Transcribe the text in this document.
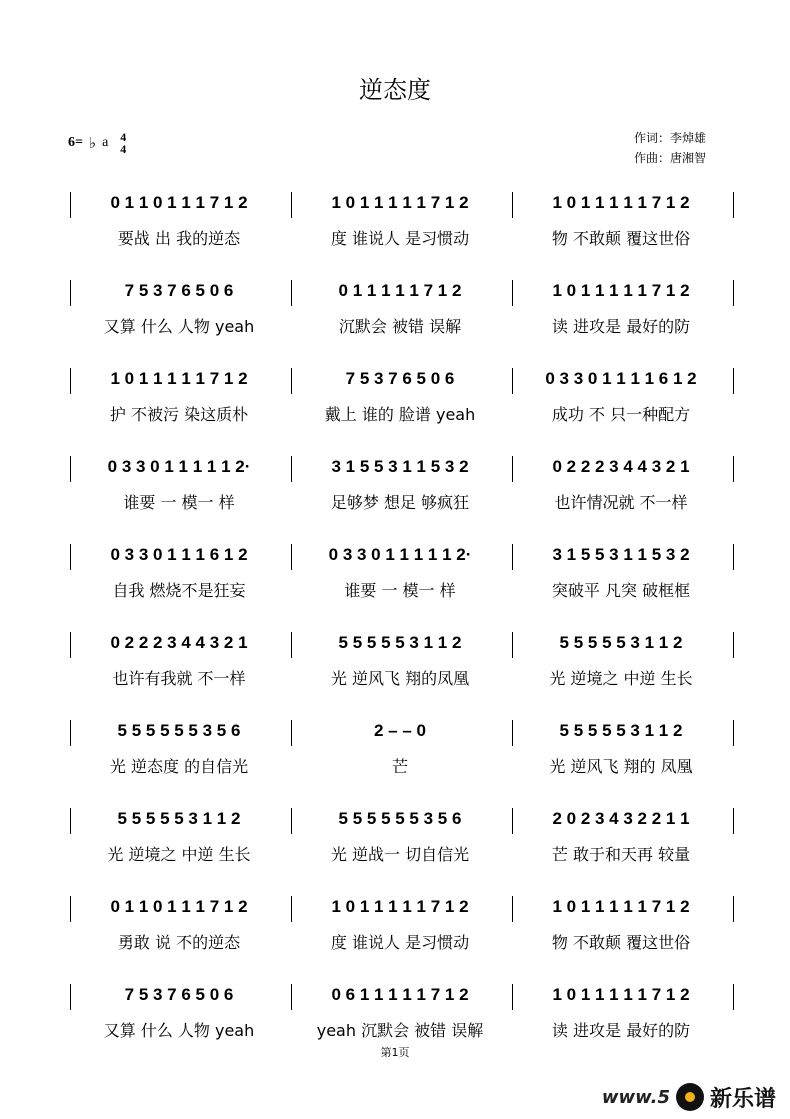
逆态度
6= ♭ a 4
4
作词：李焯雄
作曲：唐湘智
0 1 1 0 1 1 1 7 1 2	1 0 1 1 1 1 1 7 1 2	1 0 1 1 1 1 1 7 1 2
要战 出 我的逆态	度 谁说人 是习惯动	物 不敢颠 覆这世俗
7 5 3 7 6 5 0 6	0 1 1 1 1 1 7 1 2	1 0 1 1 1 1 1 7 1 2
又算 什么 人物 yeah	沉默会 被错 误解	读 进攻是 最好的防
1 0 1 1 1 1 1 7 1 2	7 5 3 7 6 5 0 6	0 3 3 0 1 1 1 1 6 1 2
护 不被污 染这质朴	戴上 谁的 脸谱 yeah	成功 不 只一种配方
0 3 3 0 1 1 1 1 1 2·	3 1 5 5 3 1 1 5 3 2	0 2 2 2 3 4 4 3 2 1
谁要 一 模一 样	足够梦 想足 够疯狂	也许情况就 不一样
0 3 3 0 1 1 1 6 1 2	0 3 3 0 1 1 1 1 1 2·	3 1 5 5 3 1 1 5 3 2
自我 燃烧不是狂妄	谁要 一 模一 样	突破平 凡突 破框框
0 2 2 2 3 4 4 3 2 1	5 5 5 5 5 3 1 1 2	5 5 5 5 5 3 1 1 2
也许有我就 不一样	光 逆风飞 翔的凤凰	光 逆境之 中逆 生长
5 5 5 5 5 5 3 5 6	2 – – 0	5 5 5 5 5 3 1 1 2
光 逆态度 的自信光	芒	光 逆风飞 翔的 凤凰
5 5 5 5 5 3 1 1 2	5 5 5 5 5 5 3 5 6	2 0 2 3 4 3 2 2 1 1
光 逆境之 中逆 生长	光 逆战一 切自信光	芒 敢于和天再 较量
0 1 1 0 1 1 1 7 1 2	1 0 1 1 1 1 1 7 1 2	1 0 1 1 1 1 1 7 1 2
勇敢 说 不的逆态	度 谁说人 是习惯动	物 不敢颠 覆这世俗
7 5 3 7 6 5 0 6	0 6 1 1 1 1 1 7 1 2	1 0 1 1 1 1 1 7 1 2
又算 什么 人物 yeah	yeah 沉默会 被错 误解	读 进攻是 最好的防
第1页
www.5 新乐谱
